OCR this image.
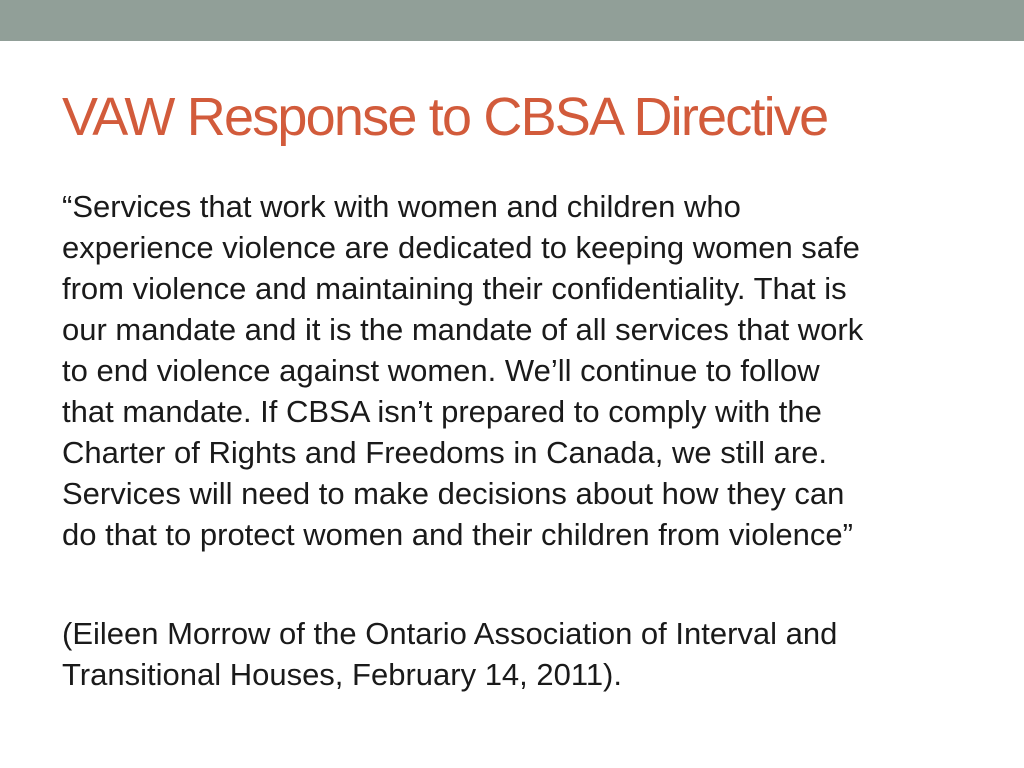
VAW Response to CBSA Directive
“Services that work with women and children who
experience violence are dedicated to keeping women safe
from violence and maintaining their confidentiality. That is
our mandate and it is the mandate of all services that work
to end violence against women. We’ll continue to follow
that mandate. If CBSA isn’t prepared to comply with the
Charter of Rights and Freedoms in Canada, we still are.
Services will need to make decisions about how they can
do that to protect women and their children from violence”
(Eileen Morrow of the Ontario Association of Interval and
Transitional Houses, February 14, 2011).
